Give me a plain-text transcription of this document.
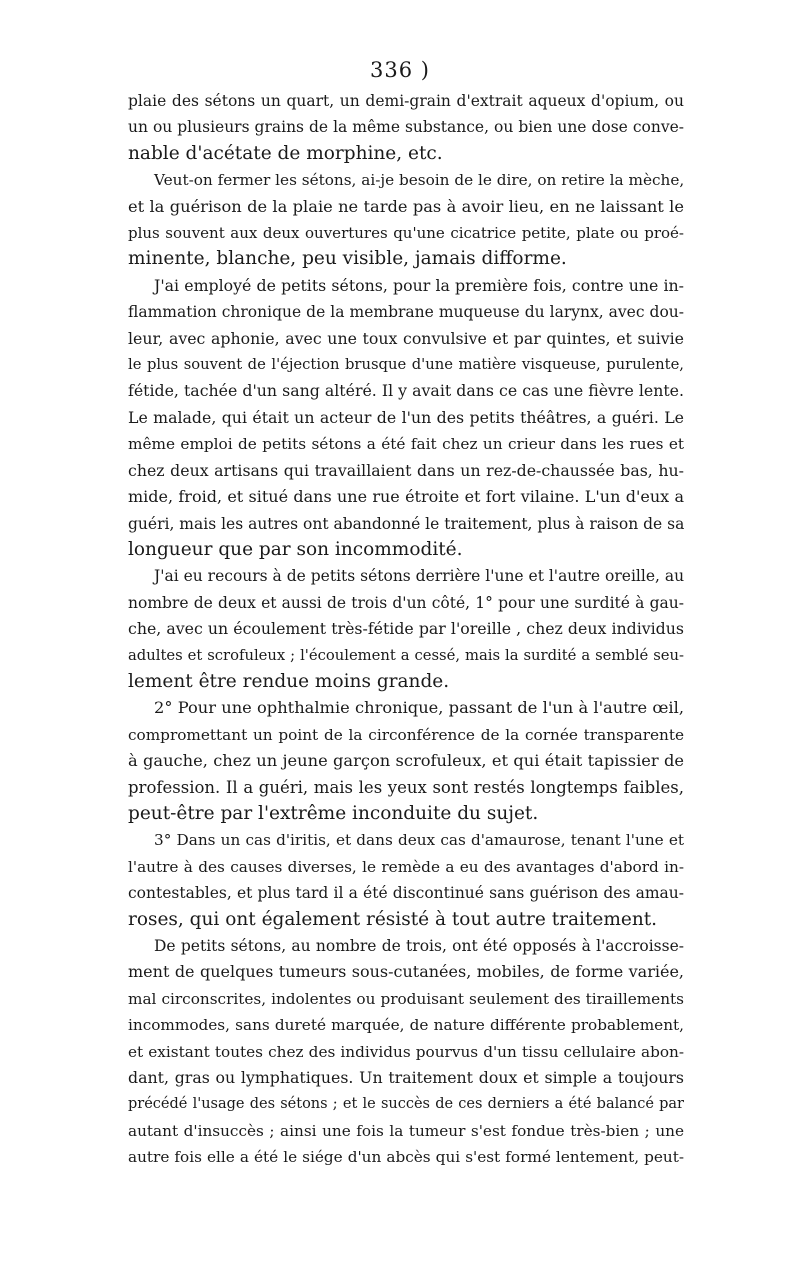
336 )
plaie des sétons un quart, un demi-grain d'extrait aqueux d'opium, ou
un ou plusieurs grains de la même substance, ou bien une dose conve-
nable d'acétate de morphine, etc.
Veut-on fermer les sétons, ai-je besoin de le dire, on retire la mèche,
et la guérison de la plaie ne tarde pas à avoir lieu, en ne laissant le
plus souvent aux deux ouvertures qu'une cicatrice petite, plate ou proé-
minente, blanche, peu visible, jamais difforme.
J'ai employé de petits sétons, pour la première fois, contre une in-
flammation chronique de la membrane muqueuse du larynx, avec dou-
leur, avec aphonie, avec une toux convulsive et par quintes, et suivie
le plus souvent de l'éjection brusque d'une matière visqueuse, purulente,
fétide, tachée d'un sang altéré. Il y avait dans ce cas une fièvre lente.
Le malade, qui était un acteur de l'un des petits théâtres, a guéri. Le
même emploi de petits sétons a été fait chez un crieur dans les rues et
chez deux artisans qui travaillaient dans un rez-de-chaussée bas, hu-
mide, froid, et situé dans une rue étroite et fort vilaine. L'un d'eux a
guéri, mais les autres ont abandonné le traitement, plus à raison de sa
longueur que par son incommodité.
J'ai eu recours à de petits sétons derrière l'une et l'autre oreille, au
nombre de deux et aussi de trois d'un côté, 1° pour une surdité à gau-
che, avec un écoulement très-fétide par l'oreille , chez deux individus
adultes et scrofuleux ; l'écoulement a cessé, mais la surdité a semblé seu-
lement être rendue moins grande.
2° Pour une ophthalmie chronique, passant de l'un à l'autre œil,
compromettant un point de la circonférence de la cornée transparente
à gauche, chez un jeune garçon scrofuleux, et qui était tapissier de
profession. Il a guéri, mais les yeux sont restés longtemps faibles,
peut-être par l'extrême inconduite du sujet.
3° Dans un cas d'iritis, et dans deux cas d'amaurose, tenant l'une et
l'autre à des causes diverses, le remède a eu des avantages d'abord in-
contestables, et plus tard il a été discontinué sans guérison des amau-
roses, qui ont également résisté à tout autre traitement.
De petits sétons, au nombre de trois, ont été opposés à l'accroisse-
ment de quelques tumeurs sous-cutanées, mobiles, de forme variée,
mal circonscrites, indolentes ou produisant seulement des tiraillements
incommodes, sans dureté marquée, de nature différente probablement,
et existant toutes chez des individus pourvus d'un tissu cellulaire abon-
dant, gras ou lymphatiques. Un traitement doux et simple a toujours
précédé l'usage des sétons ; et le succès de ces derniers a été balancé par
autant d'insuccès ; ainsi une fois la tumeur s'est fondue très-bien ; une
autre fois elle a été le siége d'un abcès qui s'est formé lentement, peut-
